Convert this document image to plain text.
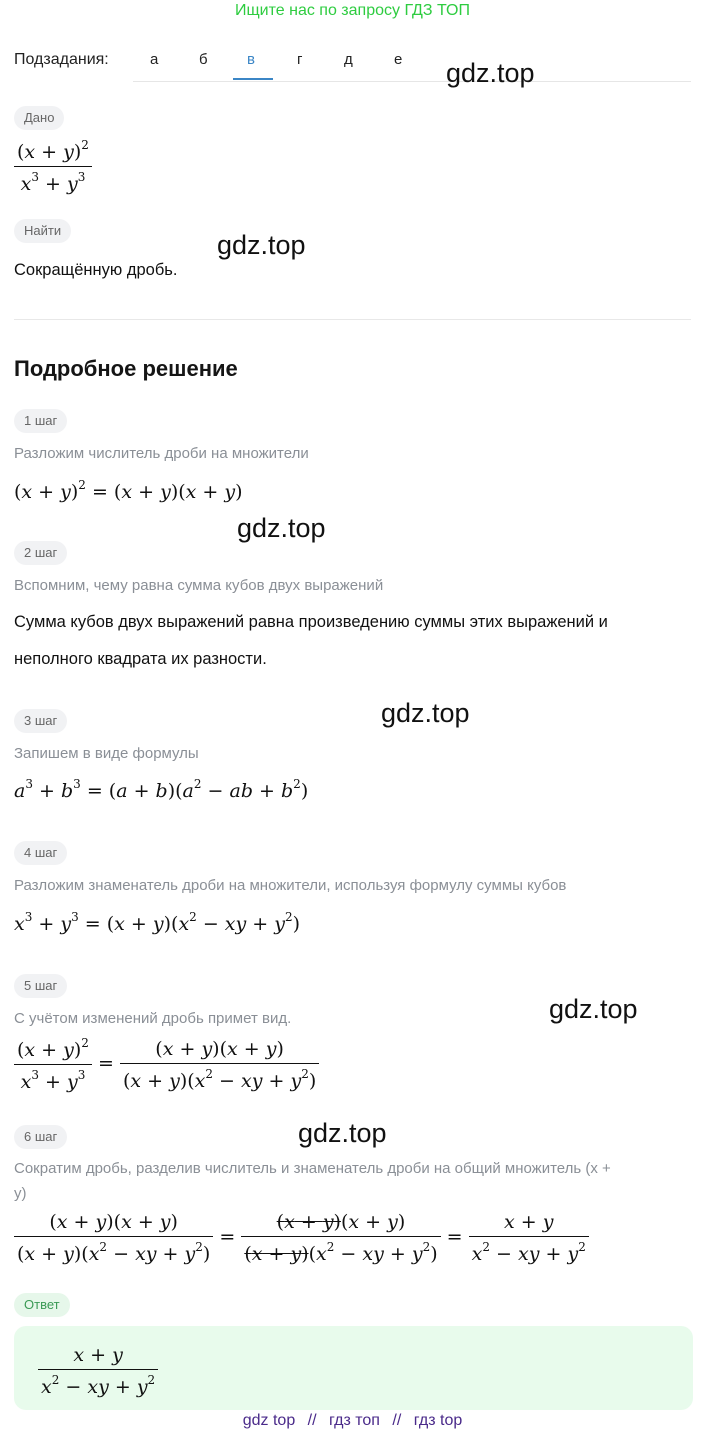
Ищите нас по запросу ГДЗ ТОП
Подзадания:	а	б	в	г	д	е gdz.top
Дано
$\frac{(x + y)^2}{x^3 + y^3}$
Найти	gdz.top
Сокращённую дробь.
Подробное решение
1 шаг
Разложим числитель дроби на множители
$(x + y)^2 = (x + y)(x + y)$
gdz.top
2 шаг
Вспомним, чему равна сумма кубов двух выражений
Сумма кубов двух выражений равна произведению суммы этих выражений и
неполного квадрата их разности.
gdz.top
3 шаг
Запишем в виде формулы
$a^3 + b^3 = (a + b)(a^2$ − ab + $b^2$)
4 шаг
Разложим знаменатель дроби на множители, используя формулу суммы кубов
$x^3 + y^3 = (x + y)(x^2$ − xy + $y^2$)
5 шаг
gdz.top
С учётом изменений дробь примет вид.
$\frac{(x + y)^2}{x^3 + y^3} = \frac{(x + y)(x + y)}{(x + y)(x^2 - xy + y^2)}$
6 шаг	gdz.top
Сократим дробь, разделив числитель и знаменатель дроби на общий множитель (x +
y)
$\frac{(x + y)(x + y)}{(x + y)(x^2 - xy + y^2)} = \frac{(x + y)(x + y)}{(x + y)(x^2 - xy + y^2)} = \frac{x + y}{x^2 - xy + y^2}$
Ответ
$\frac{x + y}{x^2 - xy + y^2}$
gdz top // гдз топ // гдз top
